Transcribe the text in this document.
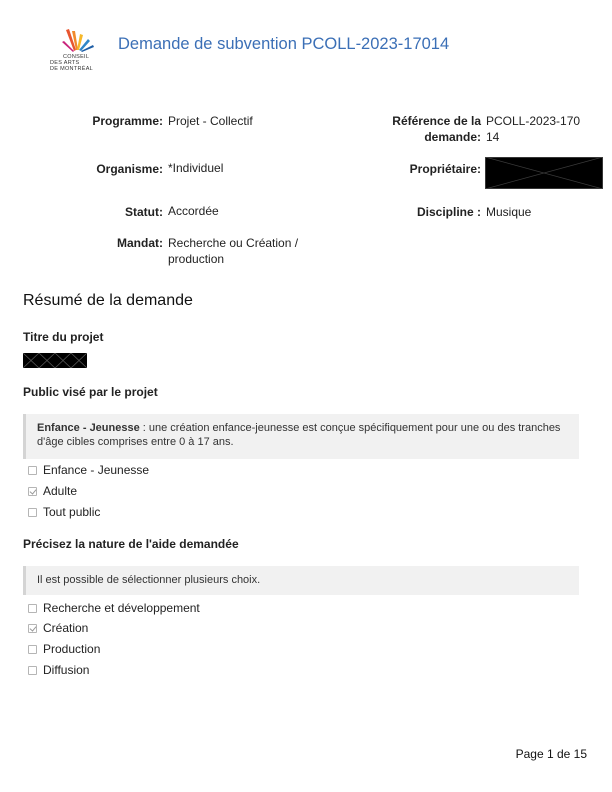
CONSEIL
DES ARTS
DE MONTRÉAL
Demande de subvention PCOLL-2023-17014
Programme: Projet - Collectif
Organisme: *Individuel
Statut: Accordée
Mandat: Recherche ou Création /
production
Référence de la
demande:
PCOLL-2023-170
14
Propriétaire:
Discipline : Musique
Résumé de la demande
Titre du projet
Public visé par le projet
Enfance - Jeunesse : une création enfance-jeunesse est conçue spécifiquement pour une ou des tranches d'âge cibles comprises entre 0 à 17 ans.
Enfance - Jeunesse
Adulte
Tout public
Précisez la nature de l'aide demandée
Il est possible de sélectionner plusieurs choix.
Recherche et développement
Création
Production
Diffusion
Page 1 de 15
